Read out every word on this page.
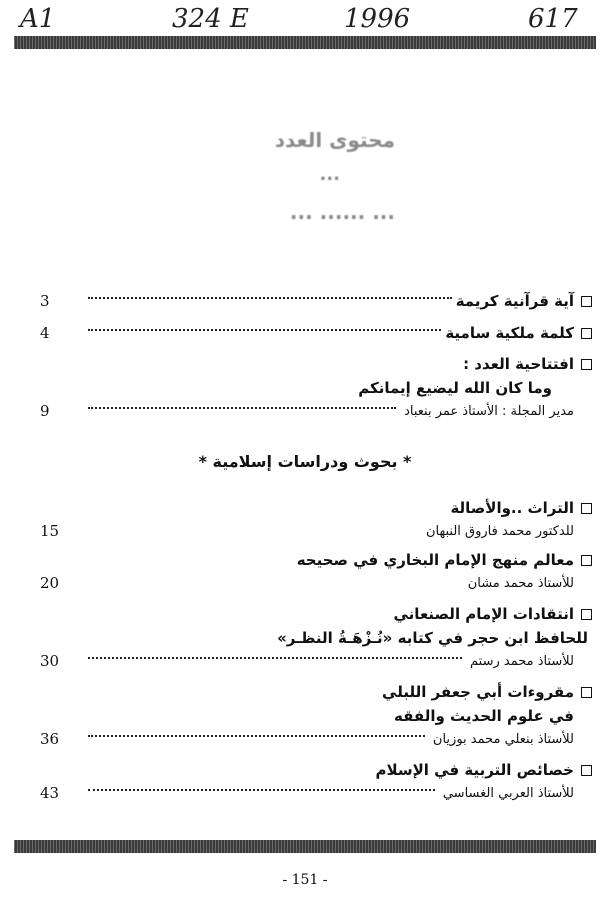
A1	324 E	1996	617
محتوى العدد
...
... ...... ...
آية قرآنية كريمة
3
كلمة ملكية سامية
4
افتتاحية العدد :
وما كان الله ليضيع إيمانكم
مدير المجلة : الأستاذ عمر بنعباد
9
التراث ..والأصالة
للدكتور محمد فاروق النبهان
15
معالم منهج الإمام البخاري في صحيحه
للأستاذ محمد مشان
20
انتقادات الإمام الصنعاني
للحافظ ابن حجر في كتابه «نُـزْهَـةُ النظـر»
للأستاذ محمد رستم
30
مقروءات أبي جعفر اللبلي
في علوم الحديث والفقه
للأستاذ بنعلي محمد بوزيان
36
خصائص التربية في الإسلام
للأستاذ العربي الغساسي
43
* بحوث ودراسات إسلامية *
- 151 -
